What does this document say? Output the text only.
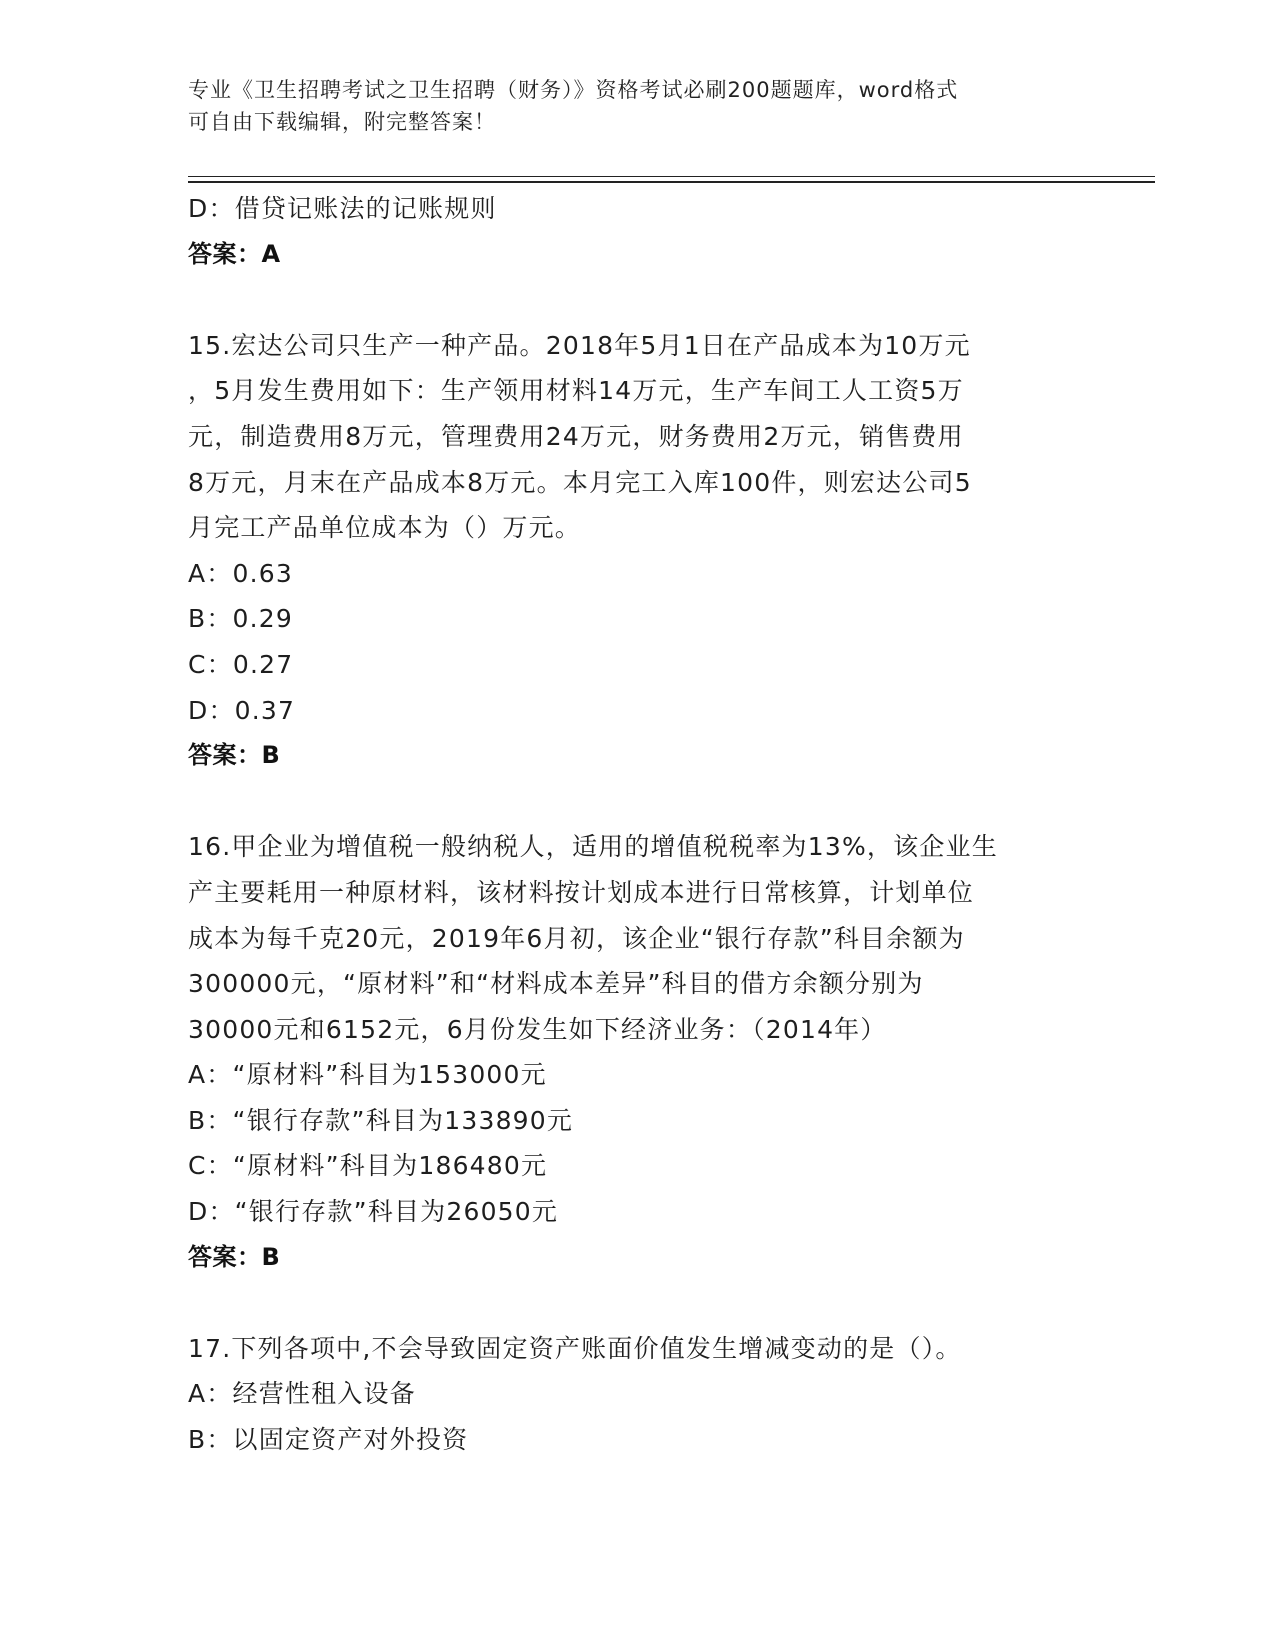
专业《卫生招聘考试之卫生招聘（财务）》资格考试必刷200题题库，word格式
可自由下载编辑，附完整答案！
D：借贷记账法的记账规则
答案：A
15.宏达公司只生产一种产品。2018年5月1日在产品成本为10万元
，5月发生费用如下：生产领用材料14万元，生产车间工人工资5万
元，制造费用8万元，管理费用24万元，财务费用2万元，销售费用
8万元，月末在产品成本8万元。本月完工入库100件，则宏达公司5
月完工产品单位成本为（）万元。
A：0.63
B：0.29
C：0.27
D：0.37
答案：B
16.甲企业为增值税一般纳税人，适用的增值税税率为13%，该企业生
产主要耗用一种原材料，该材料按计划成本进行日常核算，计划单位
成本为每千克20元，2019年6月初，该企业“银行存款”科目余额为
300000元，“原材料”和“材料成本差异”科目的借方余额分别为
30000元和6152元，6月份发生如下经济业务：（2014年）
A：“原材料”科目为153000元
B：“银行存款”科目为133890元
C：“原材料”科目为186480元
D：“银行存款”科目为26050元
答案：B
17.下列各项中,不会导致固定资产账面价值发生增减变动的是（）。
A：经营性租入设备
B：以固定资产对外投资
